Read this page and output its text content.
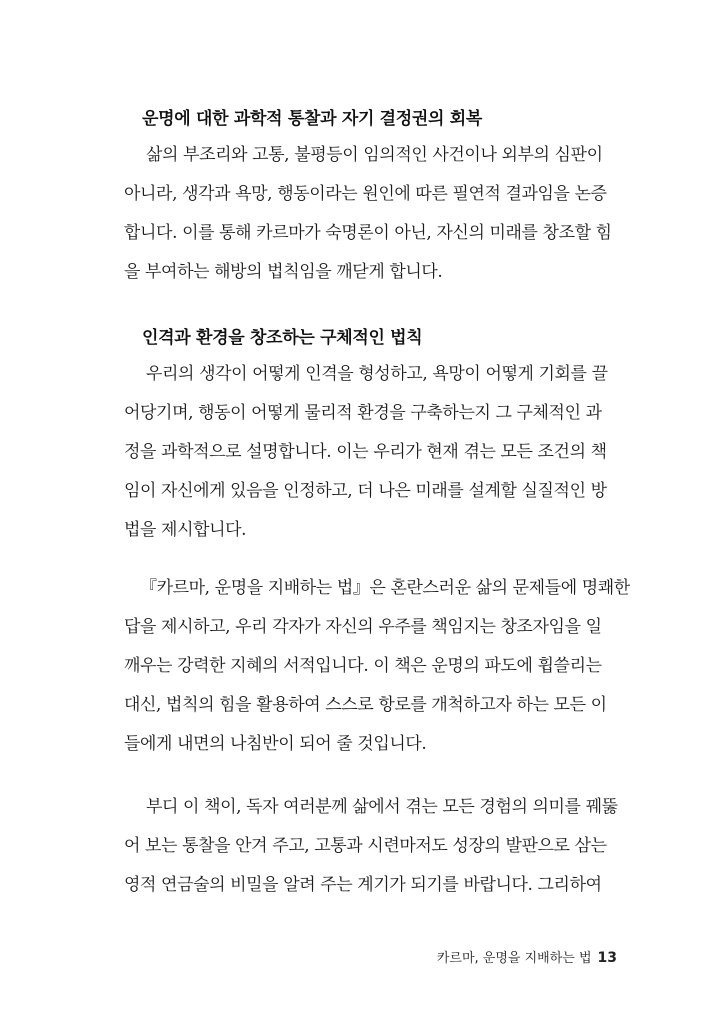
운명에 대한 과학적 통찰과 자기 결정권의 회복
삶의 부조리와 고통, 불평등이 임의적인 사건이나 외부의 심판이
아니라, 생각과 욕망, 행동이라는 원인에 따른 필연적 결과임을 논증
합니다. 이를 통해 카르마가 숙명론이 아닌, 자신의 미래를 창조할 힘
을 부여하는 해방의 법칙임을 깨닫게 합니다.
인격과 환경을 창조하는 구체적인 법칙
우리의 생각이 어떻게 인격을 형성하고, 욕망이 어떻게 기회를 끌
어당기며, 행동이 어떻게 물리적 환경을 구축하는지 그 구체적인 과
정을 과학적으로 설명합니다. 이는 우리가 현재 겪는 모든 조건의 책
임이 자신에게 있음을 인정하고, 더 나은 미래를 설계할 실질적인 방
법을 제시합니다.
『카르마, 운명을 지배하는 법』은 혼란스러운 삶의 문제들에 명쾌한
답을 제시하고, 우리 각자가 자신의 우주를 책임지는 창조자임을 일
깨우는 강력한 지혜의 서적입니다. 이 책은 운명의 파도에 휩쓸리는
대신, 법칙의 힘을 활용하여 스스로 항로를 개척하고자 하는 모든 이
들에게 내면의 나침반이 되어 줄 것입니다.
부디 이 책이, 독자 여러분께 삶에서 겪는 모든 경험의 의미를 꿰뚫
어 보는 통찰을 안겨 주고, 고통과 시련마저도 성장의 발판으로 삼는
영적 연금술의 비밀을 알려 주는 계기가 되기를 바랍니다. 그리하여
카르마, 운명을 지배하는 법 13
